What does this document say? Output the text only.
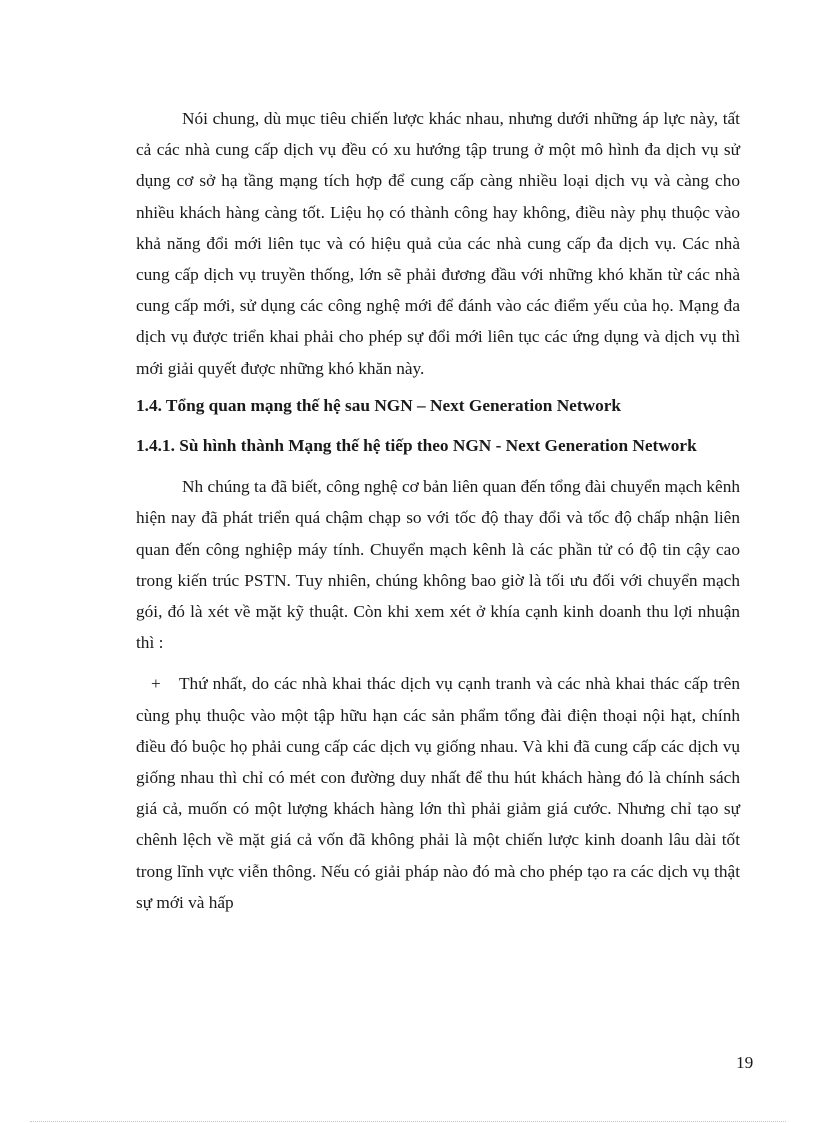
Nói chung, dù mục tiêu chiến lược khác nhau, nhưng dưới những áp lực này, tất cả các nhà cung cấp dịch vụ đều có xu hướng tập trung ở một mô hình đa dịch vụ sử dụng cơ sở hạ tầng mạng tích hợp để cung cấp càng nhiều loại dịch vụ và càng cho nhiều khách hàng càng tốt. Liệu họ có thành công hay không, điều này phụ thuộc vào khả năng đổi mới liên tục và có hiệu quả của các nhà cung cấp đa dịch vụ. Các nhà cung cấp dịch vụ truyền thống, lớn sẽ phải đương đầu với những khó khăn từ các nhà cung cấp mới, sử dụng các công nghệ mới để đánh vào các điểm yếu của họ. Mạng đa dịch vụ được triển khai phải cho phép sự đổi mới liên tục các ứng dụng và dịch vụ thì mới giải quyết được những khó khăn này.

1.4. Tổng quan mạng thế hệ sau NGN – Next Generation Network

1.4.1. Sù hình thành Mạng thế hệ tiếp theo NGN - Next Generation Network

Nh chúng ta đã biết, công nghệ cơ bản liên quan đến tổng đài chuyển mạch kênh hiện nay đã phát triển quá chậm chạp so với tốc độ thay đổi và tốc độ chấp nhận liên quan đến công nghiệp máy tính. Chuyển mạch kênh là các phần tử có độ tin cậy cao trong kiến trúc PSTN. Tuy nhiên, chúng không bao giờ là tối ưu đối với chuyển mạch gói, đó là xét về mặt kỹ thuật. Còn khi xem xét ở khía cạnh kinh doanh thu lợi nhuận thì :

+ Thứ nhất, do các nhà khai thác dịch vụ cạnh tranh và các nhà khai thác cấp trên cùng phụ thuộc vào một tập hữu hạn các sản phẩm tổng đài điện thoại nội hạt, chính điều đó buộc họ phải cung cấp các dịch vụ giống nhau. Và khi đã cung cấp các dịch vụ giống nhau thì chỉ có mét con đường duy nhất để thu hút khách hàng đó là chính sách giá cả, muốn có một lượng khách hàng lớn thì phải giảm giá cước. Nhưng chỉ tạo sự chênh lệch về mặt giá cả vốn đã không phải là một chiến lược kinh doanh lâu dài tốt trong lĩnh vực viễn thông. Nếu có giải pháp nào đó mà cho phép tạo ra các dịch vụ thật sự mới và hấp

19
